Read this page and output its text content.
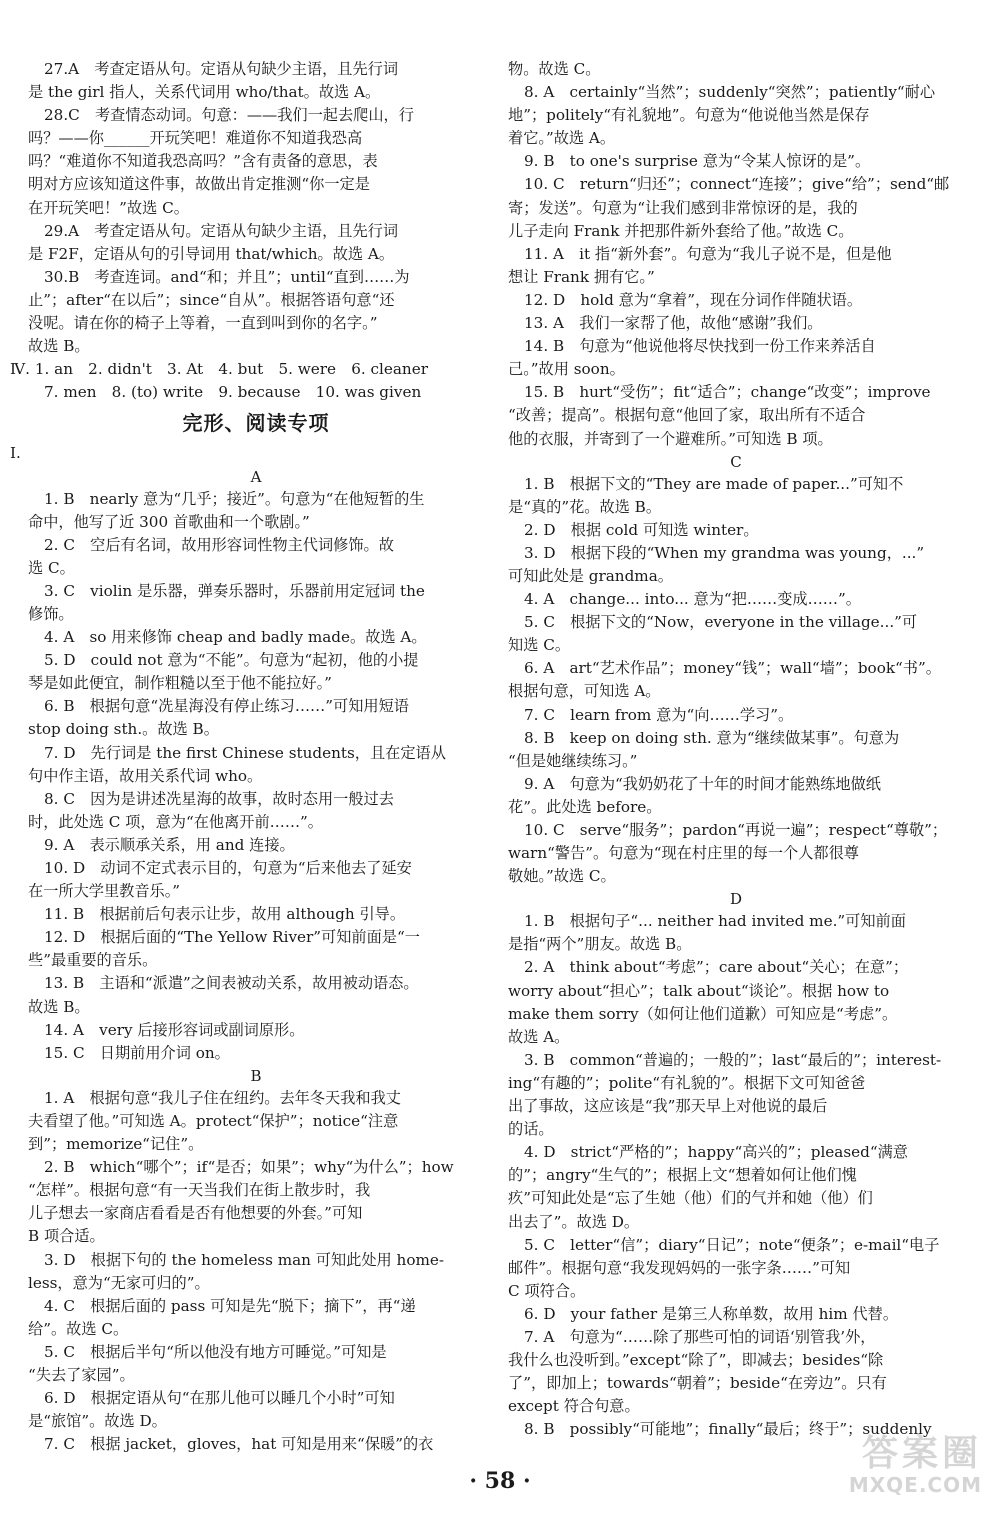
27.A　考查定语从句。定语从句缺少主语，且先行词
是 the girl 指人，关系代词用 who/that。故选 A。
28.C　考查情态动词。句意：——我们一起去爬山，行
吗？——你______开玩笑吧！难道你不知道我恐高
吗？“难道你不知道我恐高吗？”含有责备的意思，表
明对方应该知道这件事，故做出肯定推测“你一定是
在开玩笑吧！”故选 C。
29.A　考查定语从句。定语从句缺少主语，且先行词
是 F2F，定语从句的引导词用 that/which。故选 A。
30.B　考查连词。and“和；并且”；until“直到……为
止”；after“在以后”；since“自从”。根据答语句意“还
没呢。请在你的椅子上等着，一直到叫到你的名字。”
故选 B。
Ⅳ. 1. an　2. didn't　3. At　4. but　5. were　6. cleaner
7. men　8. (to) write　9. because　10. was given
完形、阅读专项
Ⅰ.
A
1. B　nearly 意为“几乎；接近”。句意为“在他短暂的生
命中，他写了近 300 首歌曲和一个歌剧。”
2. C　空后有名词，故用形容词性物主代词修饰。故
选 C。
3. C　violin 是乐器，弹奏乐器时，乐器前用定冠词 the
修饰。
4. A　so 用来修饰 cheap and badly made。故选 A。
5. D　could not 意为“不能”。句意为“起初，他的小提
琴是如此便宜，制作粗糙以至于他不能拉好。”
6. B　根据句意“冼星海没有停止练习……”可知用短语
stop doing sth.。故选 B。
7. D　先行词是 the first Chinese students，且在定语从
句中作主语，故用关系代词 who。
8. C　因为是讲述冼星海的故事，故时态用一般过去
时，此处选 C 项，意为“在他离开前……”。
9. A　表示顺承关系，用 and 连接。
10. D　动词不定式表示目的，句意为“后来他去了延安
在一所大学里教音乐。”
11. B　根据前后句表示让步，故用 although 引导。
12. D　根据后面的“The Yellow River”可知前面是“一
些”最重要的音乐。
13. B　主语和“派遣”之间表被动关系，故用被动语态。
故选 B。
14. A　very 后接形容词或副词原形。
15. C　日期前用介词 on。
B
1. A　根据句意“我儿子住在纽约。去年冬天我和我丈
夫看望了他。”可知选 A。protect“保护”；notice“注意
到”；memorize“记住”。
2. B　which“哪个”；if“是否；如果”；why“为什么”；how
“怎样”。根据句意“有一天当我们在街上散步时，我
儿子想去一家商店看看是否有他想要的外套。”可知
B 项合适。
3. D　根据下句的 the homeless man 可知此处用 home-
less，意为“无家可归的”。
4. C　根据后面的 pass 可知是先“脱下；摘下”，再“递
给”。故选 C。
5. C　根据后半句“所以他没有地方可睡觉。”可知是
“失去了家园”。
6. D　根据定语从句“在那儿他可以睡几个小时”可知
是“旅馆”。故选 D。
7. C　根据 jacket，gloves，hat 可知是用来“保暖”的衣
物。故选 C。
8. A　certainly“当然”；suddenly“突然”；patiently“耐心
地”；politely“有礼貌地”。句意为“他说他当然是保存
着它。”故选 A。
9. B　to one's surprise 意为“令某人惊讶的是”。
10. C　return“归还”；connect“连接”；give“给”；send“邮
寄；发送”。句意为“让我们感到非常惊讶的是，我的
儿子走向 Frank 并把那件新外套给了他。”故选 C。
11. A　it 指“新外套”。句意为“我儿子说不是，但是他
想让 Frank 拥有它。”
12. D　hold 意为“拿着”，现在分词作伴随状语。
13. A　我们一家帮了他，故他“感谢”我们。
14. B　句意为“他说他将尽快找到一份工作来养活自
己。”故用 soon。
15. B　hurt“受伤”；fit“适合”；change“改变”；improve
“改善；提高”。根据句意“他回了家，取出所有不适合
他的衣服，并寄到了一个避难所。”可知选 B 项。
C
1. B　根据下文的“They are made of paper...”可知不
是“真的”花。故选 B。
2. D　根据 cold 可知选 winter。
3. D　根据下段的“When my grandma was young，...”
可知此处是 grandma。
4. A　change... into... 意为“把……变成……”。
5. C　根据下文的“Now，everyone in the village...”可
知选 C。
6. A　art“艺术作品”；money“钱”；wall“墙”；book“书”。
根据句意，可知选 A。
7. C　learn from 意为“向……学习”。
8. B　keep on doing sth. 意为“继续做某事”。句意为
“但是她继续练习。”
9. A　句意为“我奶奶花了十年的时间才能熟练地做纸
花”。此处选 before。
10. C　serve“服务”；pardon“再说一遍”；respect“尊敬”；
warn“警告”。句意为“现在村庄里的每一个人都很尊
敬她。”故选 C。
D
1. B　根据句子“... neither had invited me.”可知前面
是指“两个”朋友。故选 B。
2. A　think about“考虑”；care about“关心；在意”；
worry about“担心”；talk about“谈论”。根据 how to
make them sorry（如何让他们道歉）可知应是“考虑”。
故选 A。
3. B　common“普遍的；一般的”；last“最后的”；interest-
ing“有趣的”；polite“有礼貌的”。根据下文可知爸爸
出了事故，这应该是“我”那天早上对他说的最后
的话。
4. D　strict“严格的”；happy“高兴的”；pleased“满意
的”；angry“生气的”；根据上文“想着如何让他们愧
疚”可知此处是“忘了生她（他）们的气并和她（他）们
出去了”。故选 D。
5. C　letter“信”；diary“日记”；note“便条”；e-mail“电子
邮件”。根据句意“我发现妈妈的一张字条……”可知
C 项符合。
6. D　your father 是第三人称单数，故用 him 代替。
7. A　句意为“……除了那些可怕的词语‘别管我’外，
我什么也没听到。”except“除了”，即减去；besides“除
了”，即加上；towards“朝着”；beside“在旁边”。只有
except 符合句意。
8. B　possibly“可能地”；finally“最后；终于”；suddenly
· 58 ·
答案圈
MXQE.COM
